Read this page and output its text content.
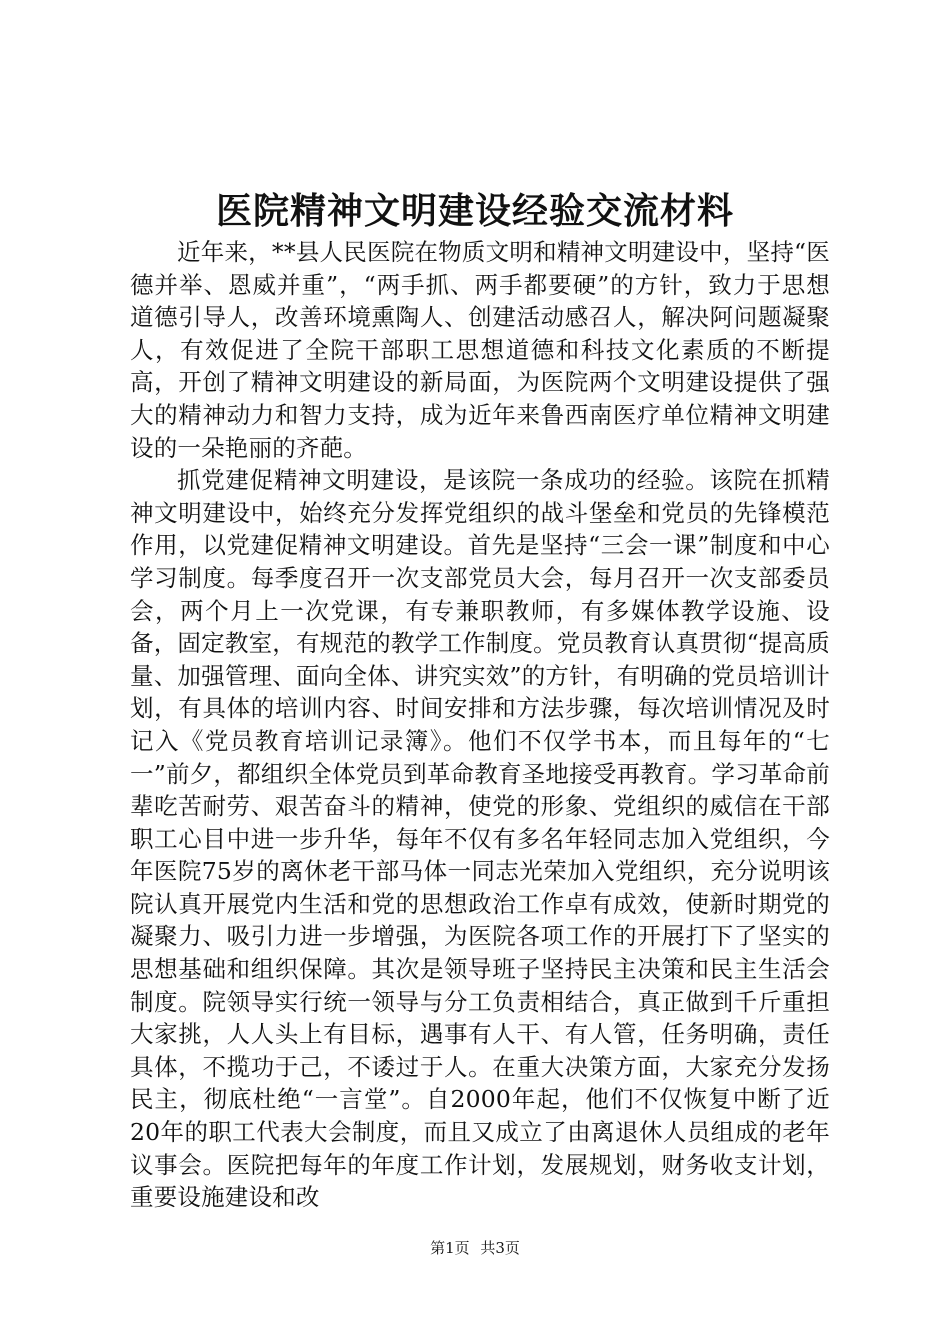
医院精神文明建设经验交流材料

近年来，**县人民医院在物质文明和精神文明建设中，坚持“医德并举、恩威并重”，“两手抓、两手都要硬”的方针，致力于思想道德引导人，改善环境熏陶人、创建活动感召人，解决阿问题凝聚人，有效促进了全院干部职工思想道德和科技文化素质的不断提高，开创了精神文明建设的新局面，为医院两个文明建设提供了强大的精神动力和智力支持，成为近年来鲁西南医疗单位精神文明建设的一朵艳丽的齐葩。

抓党建促精神文明建设，是该院一条成功的经验。该院在抓精神文明建设中，始终充分发挥党组织的战斗堡垒和党员的先锋模范作用，以党建促精神文明建设。首先是坚持“三会一课”制度和中心学习制度。每季度召开一次支部党员大会，每月召开一次支部委员会，两个月上一次党课，有专兼职教师，有多媒体教学设施、设备，固定教室，有规范的教学工作制度。党员教育认真贯彻“提高质量、加强管理、面向全体、讲究实效”的方针，有明确的党员培训计划，有具体的培训内容、时间安排和方法步骤，每次培训情况及时记入《党员教育培训记录簿》。他们不仅学书本，而且每年的“七一”前夕，都组织全体党员到革命教育圣地接受再教育。学习革命前辈吃苦耐劳、艰苦奋斗的精神，使党的形象、党组织的威信在干部职工心目中进一步升华，每年不仅有多名年轻同志加入党组织，今年医院75岁的离休老干部马体一同志光荣加入党组织，充分说明该院认真开展党内生活和党的思想政治工作卓有成效，使新时期党的凝聚力、吸引力进一步增强，为医院各项工作的开展打下了坚实的思想基础和组织保障。其次是领导班子坚持民主决策和民主生活会制度。院领导实行统一领导与分工负责相结合，真正做到千斤重担大家挑，人人头上有目标，遇事有人干、有人管，任务明确，责任具体，不揽功于己，不诿过于人。在重大决策方面，大家充分发扬民主，彻底杜绝“一言堂”。自2000年起，他们不仅恢复中断了近20年的职工代表大会制度，而且又成立了由离退休人员组成的老年议事会。医院把每年的年度工作计划，发展规划，财务收支计划，重要设施建设和改

第1页 共3页
